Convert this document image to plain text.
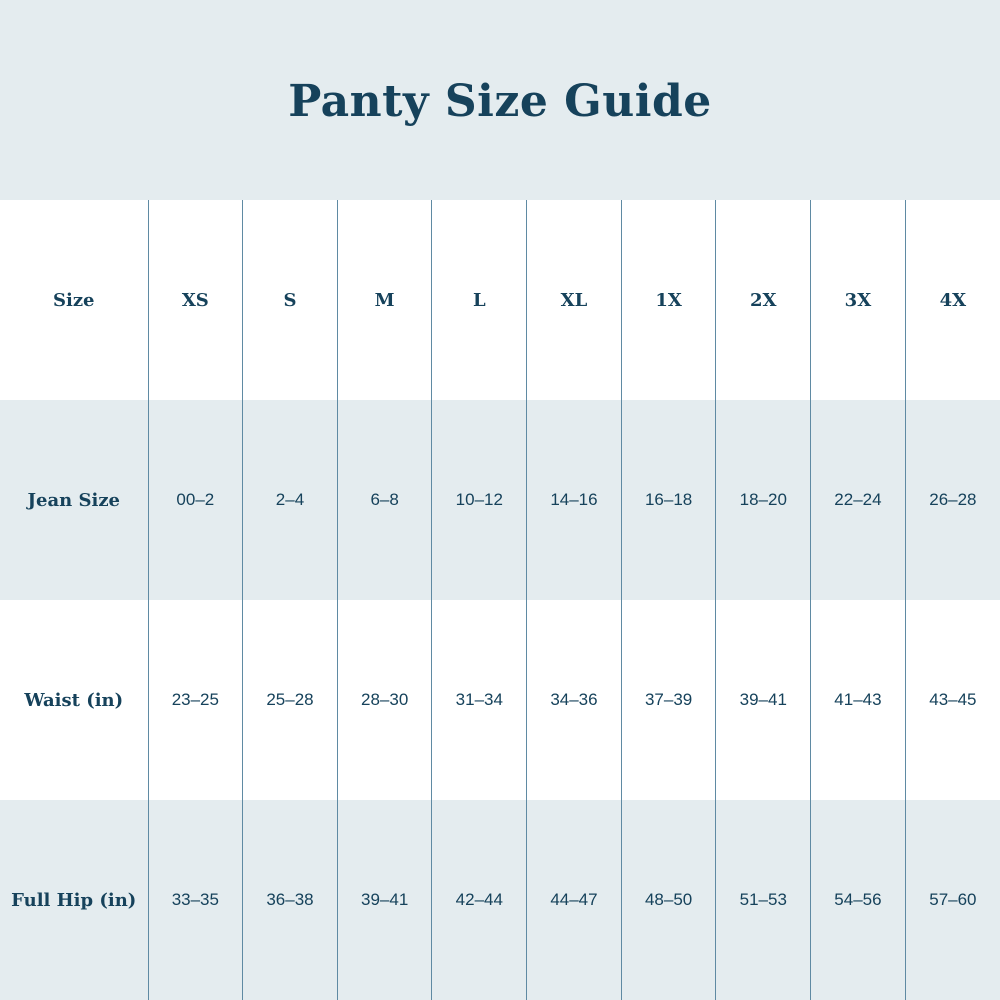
Panty Size Guide
Size	XS	S	M	L	XL	1X	2X	3X	4X
Jean Size	00–2	2–4	6–8	10–12	14–16	16–18	18–20	22–24	26–28
Waist (in)	23–25	25–28	28–30	31–34	34–36	37–39	39–41	41–43	43–45
Full Hip (in)	33–35	36–38	39–41	42–44	44–47	48–50	51–53	54–56	57–60
